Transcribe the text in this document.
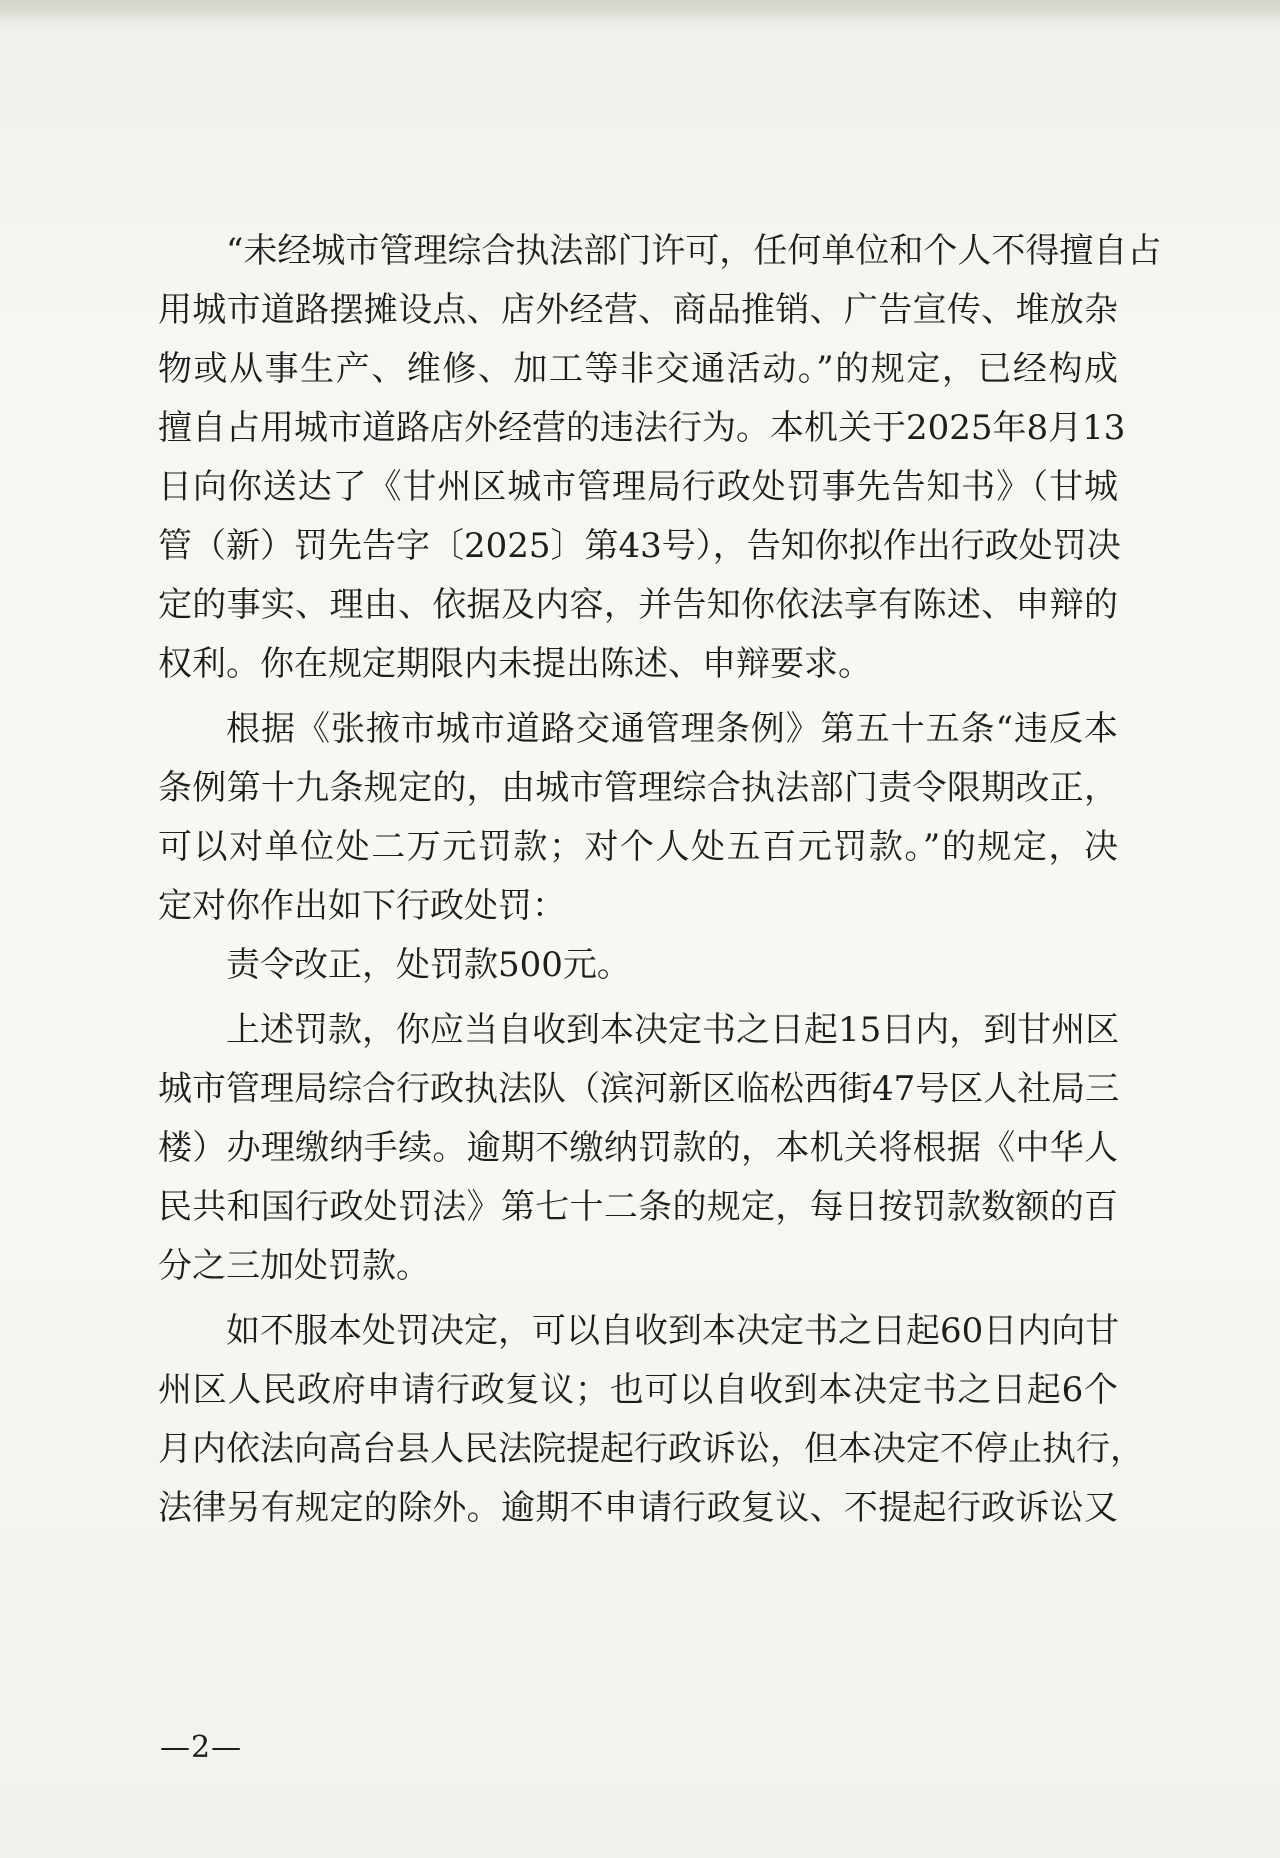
“未经城市管理综合执法部门许可，任何单位和个人不得擅自占
用城市道路摆摊设点、店外经营、商品推销、广告宣传、堆放杂
物或从事生产、维修、加工等非交通活动。”的规定，已经构成
擅自占用城市道路店外经营的违法行为。本机关于2025年8月13
日向你送达了《甘州区城市管理局行政处罚事先告知书》（甘城
管（新）罚先告字〔2025〕第43号），告知你拟作出行政处罚决
定的事实、理由、依据及内容，并告知你依法享有陈述、申辩的
权利。你在规定期限内未提出陈述、申辩要求。
根据《张掖市城市道路交通管理条例》第五十五条“违反本
条例第十九条规定的，由城市管理综合执法部门责令限期改正，
可以对单位处二万元罚款；对个人处五百元罚款。”的规定，决
定对你作出如下行政处罚：
责令改正，处罚款500元。
上述罚款，你应当自收到本决定书之日起15日内，到甘州区
城市管理局综合行政执法队（滨河新区临松西街47号区人社局三
楼）办理缴纳手续。逾期不缴纳罚款的，本机关将根据《中华人
民共和国行政处罚法》第七十二条的规定，每日按罚款数额的百
分之三加处罚款。
如不服本处罚决定，可以自收到本决定书之日起60日内向甘
州区人民政府申请行政复议；也可以自收到本决定书之日起6个
月内依法向高台县人民法院提起行政诉讼，但本决定不停止执行，
法律另有规定的除外。逾期不申请行政复议、不提起行政诉讼又
—2—
